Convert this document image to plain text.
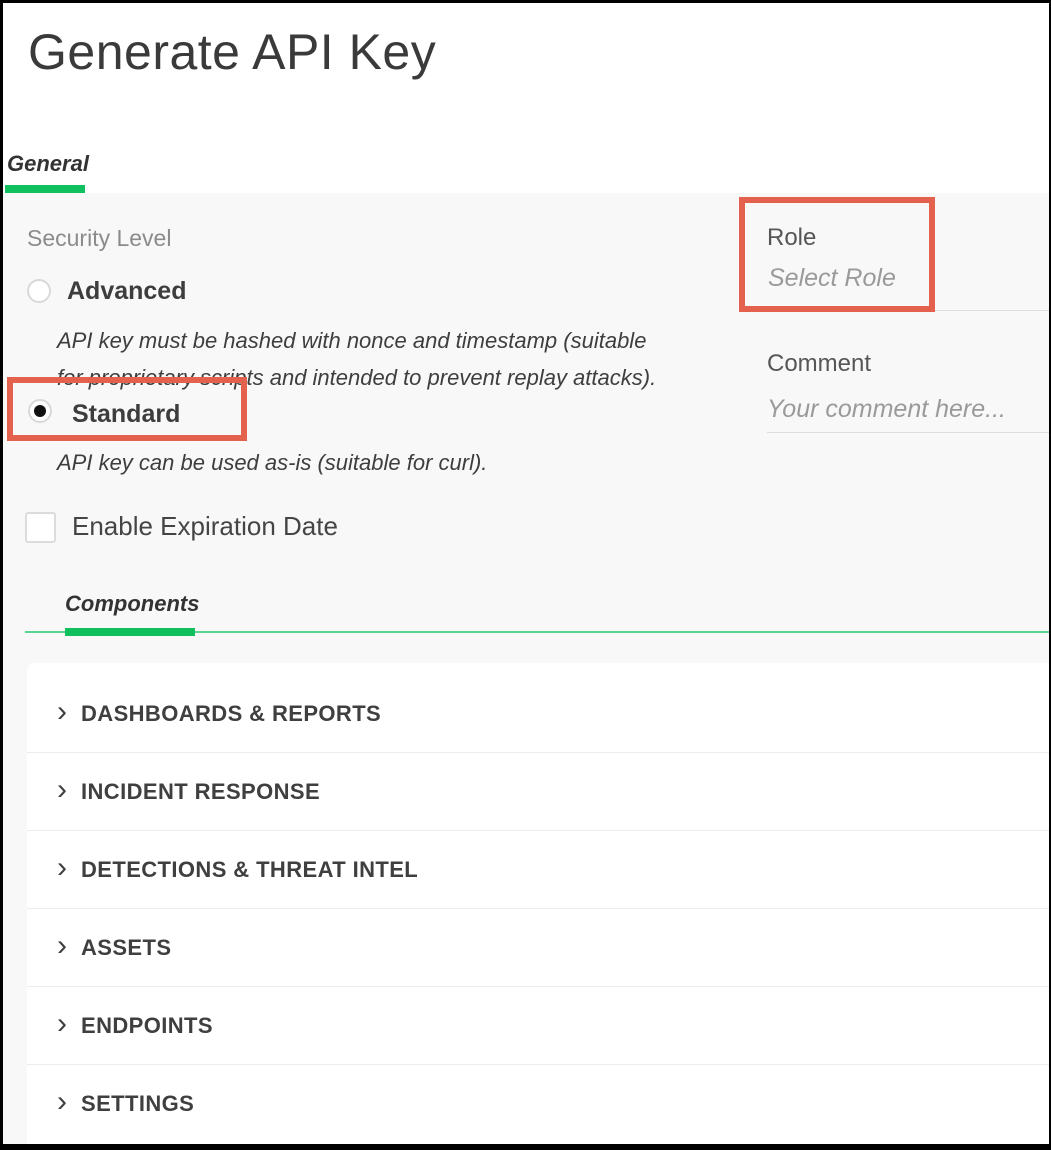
Generate API Key
General
Security Level
Advanced
API key must be hashed with nonce and timestamp (suitable for proprietary scripts and intended to prevent replay attacks).
Standard
API key can be used as-is (suitable for curl).
Enable Expiration Date
Role
Select Role
Comment
Your comment here...
Components
› DASHBOARDS & REPORTS
› INCIDENT RESPONSE
› DETECTIONS & THREAT INTEL
› ASSETS
› ENDPOINTS
› SETTINGS
